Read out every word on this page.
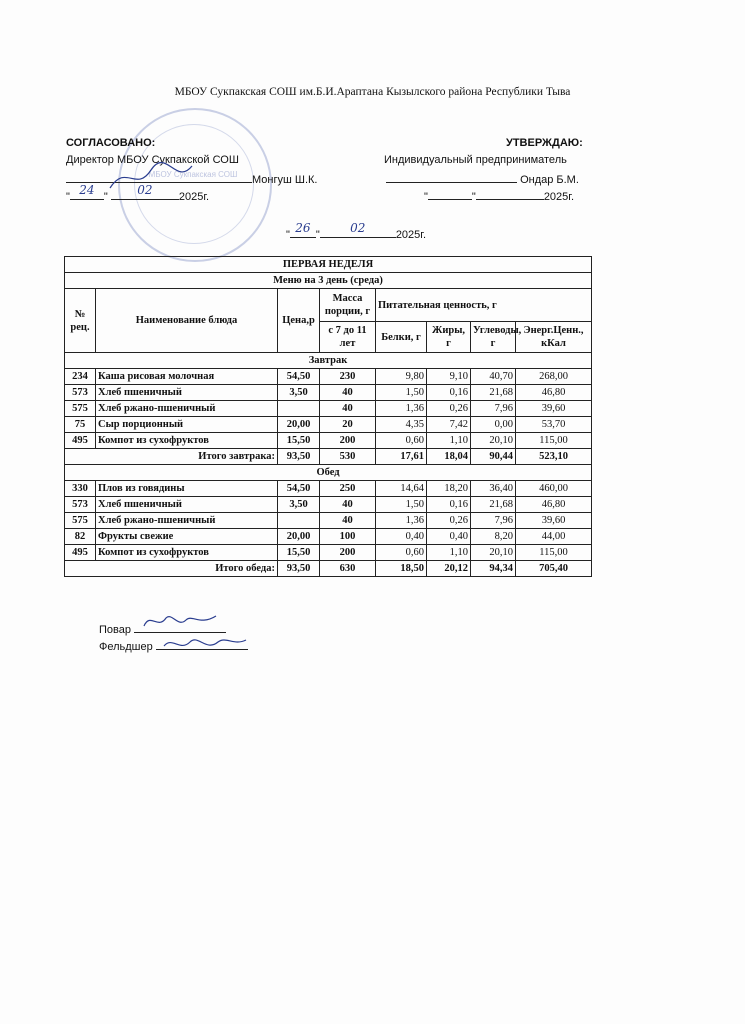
МБОУ Сукпакская СОШ
МБОУ Сукпакская СОШ им.Б.И.Араптана Кызылского района Республики Тыва
СОГЛАСОВАНО:
Директор МБОУ Сукпакской СОШ
Монгуш Ш.К.
" 24 " 02 2025г.
УТВЕРЖДАЮ:
Индивидуальный предприниматель
Ондар Б.М.
"	"	2025г.
" 26 "	02	2025г.
ПЕРВАЯ НЕДЕЛЯ							
Меню на 3 день (среда)							
№ рец.	Наименование блюда	Цена,р	Масса порции, г	Питательная ценность, г			
			с 7 до 11 лет	Белки, г	Жиры, г	Углеводы, г	Энерг.Ценн., кКал
Завтрак							
234	Каша рисовая молочная	54,50	230	9,80	9,10	40,70	268,00
573	Хлеб пшеничный	3,50	40	1,50	0,16	21,68	46,80
575	Хлеб ржано-пшеничный		40	1,36	0,26	7,96	39,60
75	Сыр порционный	20,00	20	4,35	7,42	0,00	53,70
495	Компот из сухофруктов	15,50	200	0,60	1,10	20,10	115,00
Итого завтрака:		93,50	530	17,61	18,04	90,44	523,10
Обед							
330	Плов из говядины	54,50	250	14,64	18,20	36,40	460,00
573	Хлеб пшеничный	3,50	40	1,50	0,16	21,68	46,80
575	Хлеб ржано-пшеничный		40	1,36	0,26	7,96	39,60
82	Фрукты свежие	20,00	100	0,40	0,40	8,20	44,00
495	Компот из сухофруктов	15,50	200	0,60	1,10	20,10	115,00
Итого обеда:		93,50	630	18,50	20,12	94,34	705,40
Повар
Фельдшер
